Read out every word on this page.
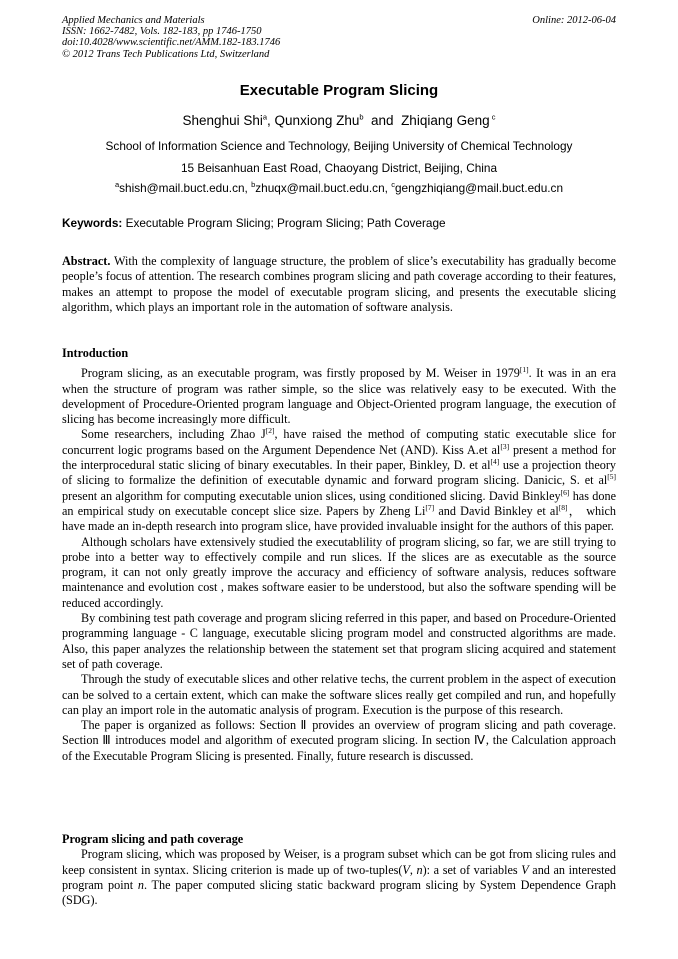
Applied Mechanics and Materials	Online: 2012-06-04
ISSN: 1662-7482, Vols. 182-183, pp 1746-1750
doi:10.4028/www.scientific.net/AMM.182-183.1746
© 2012 Trans Tech Publications Ltd, Switzerland
Executable Program Slicing
Shenghui Shi$^a$, Qunxiong Zhu$^b$  and  Zhiqiang Geng $^c$
School of Information Science and Technology, Beijing University of Chemical Technology
15 Beisanhuan East Road, Chaoyang District, Beijing, China
$^a$shish@mail.buct.edu.cn, $^b$zhuqx@mail.buct.edu.cn, $^c$gengzhiqiang@mail.buct.edu.cn
Keywords: Executable Program Slicing; Program Slicing; Path Coverage

Abstract. With the complexity of language structure, the problem of slice’s executability has gradually become people’s focus of attention. The research combines program slicing and path coverage according to their features, makes an attempt to propose the model of executable program slicing, and presents the executable slicing algorithm, which plays an important role in the automation of software analysis.

Introduction

Program slicing, as an executable program, was firstly proposed by M. Weiser in 1979[1]. It was in an era when the structure of program was rather simple, so the slice was relatively easy to be executed. With the development of Procedure-Oriented program language and Object-Oriented program language, the execution of slicing has become increasingly more difficult.

Some researchers, including Zhao J[2], have raised the method of computing static executable slice for concurrent logic programs based on the Argument Dependence Net (AND). Kiss A.et al[3] present a method for the interprocedural static slicing of binary executables. In their paper, Binkley, D. et al[4] use a projection theory of slicing to formalize the definition of executable dynamic and forward program slicing. Danicic, S. et al[5] present an algorithm for computing executable union slices, using conditioned slicing. David Binkley[6] has done an empirical study on executable concept slice size. Papers by Zheng Li[7] and David Binkley et al[8]， which have made an in-depth research into program slice, have provided invaluable insight for the authors of this paper.

Although scholars have extensively studied the executablility of program slicing, so far, we are still trying to probe into a better way to effectively compile and run slices. If the slices are as executable as the source program, it can not only greatly improve the accuracy and efficiency of software analysis, reduces software maintenance and evolution cost , makes software easier to be understood, but also the software spending will be reduced accordingly.

By combining test path coverage and program slicing referred in this paper, and based on Procedure-Oriented programming language - C language, executable slicing program model and constructed algorithms are made. Also, this paper analyzes the relationship between the statement set that program slicing acquired and statement set of path coverage.

Through the study of executable slices and other relative techs, the current problem in the aspect of execution can be solved to a certain extent, which can make the software slices really get compiled and run, and hopefully can play an import role in the automatic analysis of program. Execution is the purpose of this research.

The paper is organized as follows: Section Ⅱ provides an overview of program slicing and path coverage. Section Ⅲ introduces model and algorithm of executed program slicing. In section Ⅳ, the Calculation approach of the Executable Program Slicing is presented. Finally, future research is discussed.

Program slicing and path coverage

Program slicing, which was proposed by Weiser, is a program subset which can be got from slicing rules and keep consistent in syntax. Slicing criterion is made up of two-tuples(V, n): a set of variables V and an interested program point n. The paper computed slicing static backward program slicing by System Dependence Graph (SDG).
